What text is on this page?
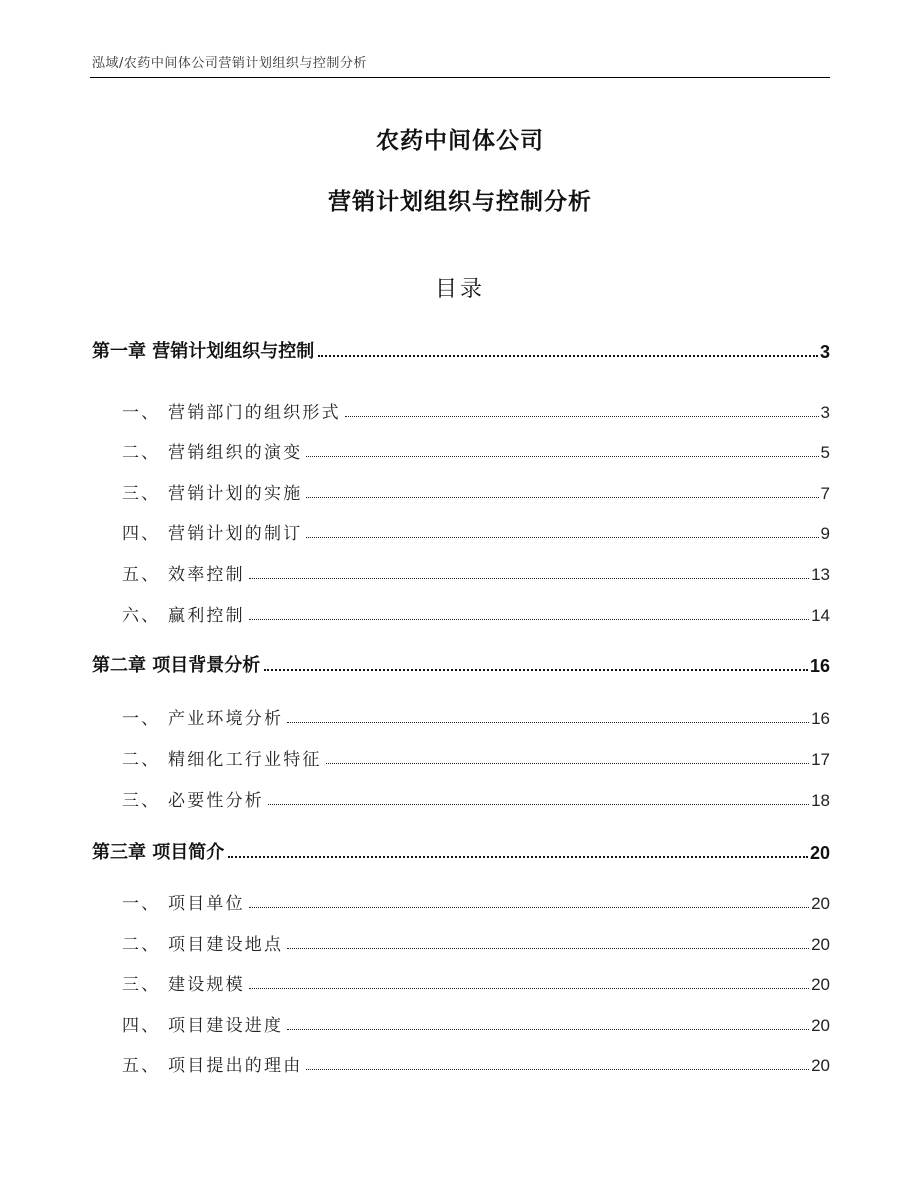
泓域/农药中间体公司营销计划组织与控制分析
农药中间体公司
营销计划组织与控制分析
目录
第一章 营销计划组织与控制	3
一、 营销部门的组织形式	3
二、 营销组织的演变	5
三、 营销计划的实施	7
四、 营销计划的制订	9
五、 效率控制	13
六、 赢利控制	14
第二章 项目背景分析	16
一、 产业环境分析	16
二、 精细化工行业特征	17
三、 必要性分析	18
第三章 项目简介	20
一、 项目单位	20
二、 项目建设地点	20
三、 建设规模	20
四、 项目建设进度	20
五、 项目提出的理由	20
